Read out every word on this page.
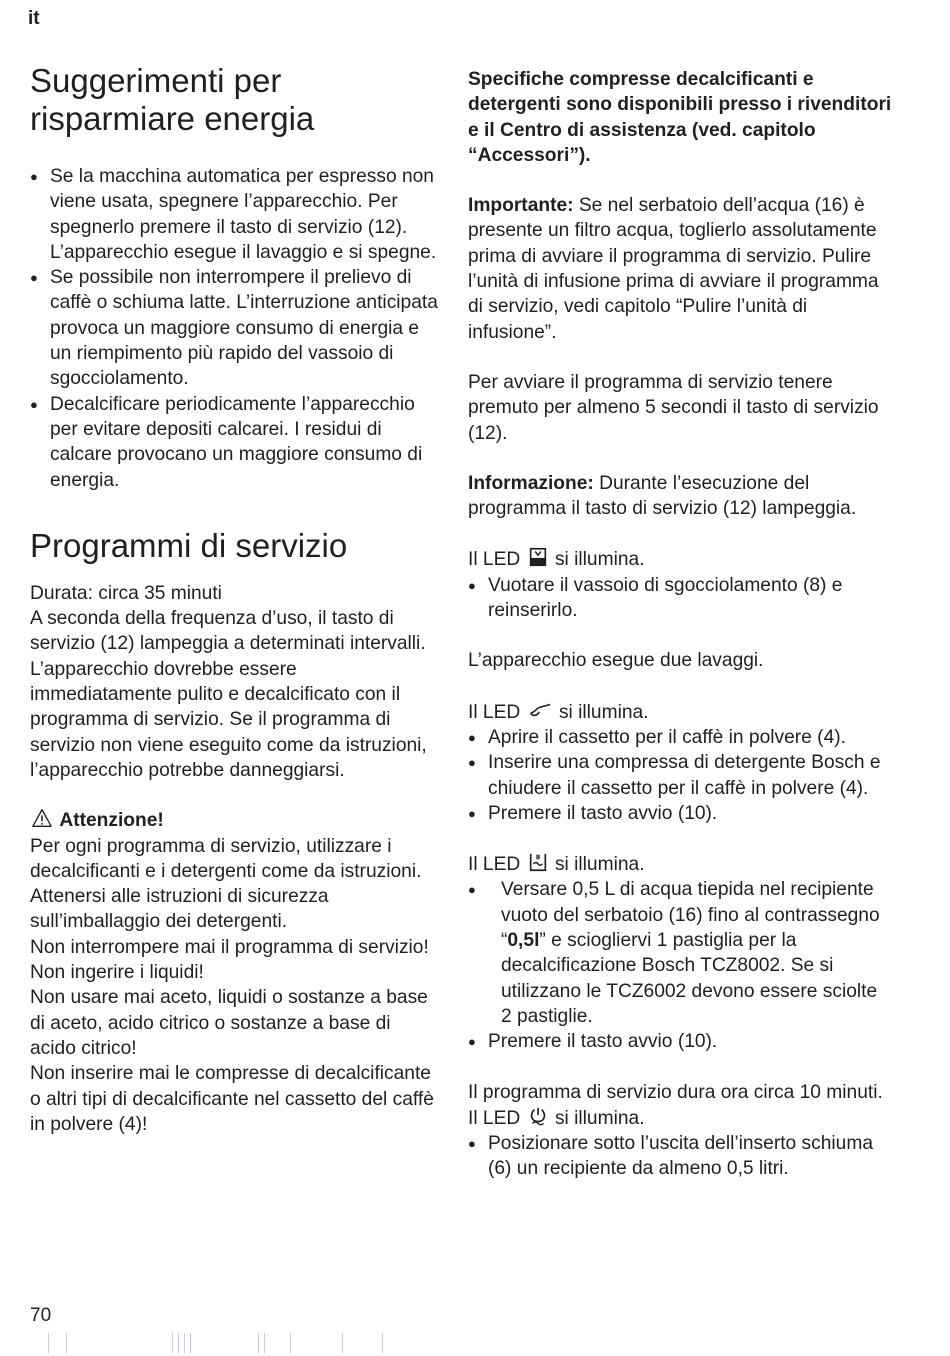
it
Suggerimenti per risparmiare energia
● Se la macchina automatica per espresso non viene usata, spegnere l’apparecchio. Per spegnerlo premere il tasto di servizio (12). L’apparecchio esegue il lavaggio e si spegne.
● Se possibile non interrompere il prelievo di caffè o schiuma latte. L’interruzione anticipata provoca un maggiore consumo di energia e un riempimento più rapido del vassoio di sgocciolamento.
● Decalcificare periodicamente l’apparecchio per evitare depositi calcarei. I residui di calcare provocano un maggiore consumo di energia.
Programmi di servizio

Durata: circa 35 minuti

A seconda della frequenza d’uso, il tasto di servizio (12) lampeggia a determinati intervalli.

L’apparecchio dovrebbe essere immediatamente pulito e decalcificato con il programma di servizio. Se il programma di servizio non viene eseguito come da istruzioni, l’apparecchio potrebbe danneggiarsi.

Attenzione!

Per ogni programma di servizio, utilizzare i decalcificanti e i detergenti come da istruzioni. Attenersi alle istruzioni di sicurezza sull’imballaggio dei detergenti.

Non interrompere mai il programma di servizio! Non ingerire i liquidi!

Non usare mai aceto, liquidi o sostanze a base di aceto, acido citrico o sostanze a base di acido citrico!

Non inserire mai le compresse di decalcificante o altri tipi di decalcificante nel cassetto del caffè in polvere (4)!

Specifiche compresse decalcificanti e detergenti sono disponibili presso i rivenditori e il Centro di assistenza (ved. capitolo “Accessori”).

Importante: Se nel serbatoio dell’acqua (16) è presente un filtro acqua, toglierlo assolutamente prima di avviare il programma di servizio. Pulire l’unità di infusione prima di avviare il programma di servizio, vedi capitolo “Pulire l’unità di infusione”.

Per avviare il programma di servizio tenere premuto per almeno 5 secondi il tasto di servizio (12).

Informazione: Durante l’esecuzione del programma il tasto di servizio (12) lampeggia.

Il LED si illumina.

● Vuotare il vassoio di sgocciolamento (8) e reinserirlo.

L’apparecchio esegue due lavaggi.

Il LED si illumina.

● Aprire il cassetto per il caffè in polvere (4).
● Inserire una compressa di detergente Bosch e chiudere il cassetto per il caffè in polvere (4).
● Premere il tasto avvio (10).

Il LED si illumina.

● Versare 0,5 L di acqua tiepida nel recipiente vuoto del serbatoio (16) fino al contrassegno “0,5l” e sciogliervi 1 pastiglia per la decalcificazione Bosch TCZ8002. Se si utilizzano le TCZ6002 devono essere sciolte 2 pastiglie.
● Premere il tasto avvio (10).

Il programma di servizio dura ora circa 10 minuti.

Il LED si illumina.

● Posizionare sotto l’uscita dell’inserto schiuma (6) un recipiente da almeno 0,5 litri.
70
